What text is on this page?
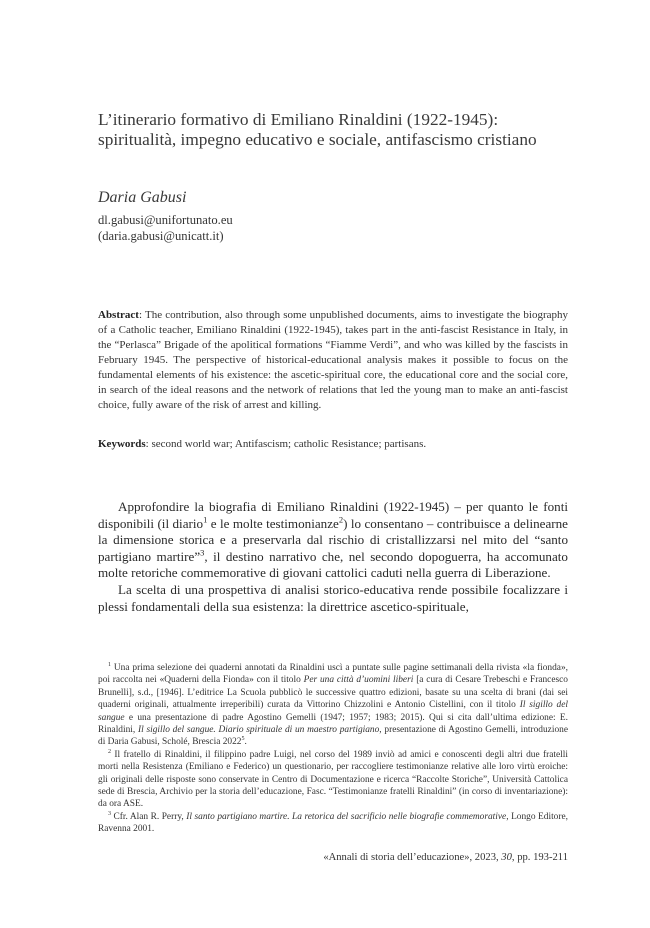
L’itinerario formativo di Emiliano Rinaldini (1922-1945):
spiritualità, impegno educativo e sociale, antifascismo cristiano
Daria Gabusi
dl.gabusi@unifortunato.eu
(daria.gabusi@unicatt.it)
Abstract: The contribution, also through some unpublished documents, aims to investigate the biography of a Catholic teacher, Emiliano Rinaldini (1922-1945), takes part in the anti-fascist Resistance in Italy, in the “Perlasca” Brigade of the apolitical formations “Fiamme Verdi”, and who was killed by the fascists in February 1945. The perspective of historical-educational analysis makes it possible to focus on the fundamental elements of his existence: the ascetic-spiritual core, the educational core and the social core, in search of the ideal reasons and the network of relations that led the young man to make an anti-fascist choice, fully aware of the risk of arrest and killing.
Keywords: second world war; Antifascism; catholic Resistance; partisans.

Approfondire la biografia di Emiliano Rinaldini (1922-1945) – per quanto le fonti disponibili (il diario$^1$ e le molte testimonianze$^2$) lo consentano – contribuisce a delinearne la dimensione storica e a preservarla dal rischio di cristallizzarsi nel mito del “santo partigiano martire”$^3$, il destino narrativo che, nel secondo dopoguerra, ha accomunato molte retoriche commemorative di giovani cattolici caduti nella guerra di Liberazione.

La scelta di una prospettiva di analisi storico-educativa rende possibile focalizzare i plessi fondamentali della sua esistenza: la direttrice ascetico-spirituale,

$^1$ Una prima selezione dei quaderni annotati da Rinaldini uscì a puntate sulle pagine settimanali della rivista «la fionda», poi raccolta nei «Quaderni della Fionda» con il titolo Per una città d’uomini liberi [a cura di Cesare Trebeschi e Francesco Brunelli], s.d., [1946]. L’editrice La Scuola pubblicò le successive quattro edizioni, basate su una scelta di brani (dai sei quaderni originali, attualmente irreperibili) curata da Vittorino Chizzolini e Antonio Cistellini, con il titolo Il sigillo del sangue e una presentazione di padre Agostino Gemelli (1947; 1957; 1983; 2015). Qui si cita dall’ultima edizione: E. Rinaldini, Il sigillo del sangue. Diario spirituale di un maestro partigiano, presentazione di Agostino Gemelli, introduzione di Daria Gabusi, Scholé, Brescia 2022$^5$.

$^2$ Il fratello di Rinaldini, il filippino padre Luigi, nel corso del 1989 inviò ad amici e conoscenti degli altri due fratelli morti nella Resistenza (Emiliano e Federico) un questionario, per raccogliere testimonianze relative alle loro virtù eroiche: gli originali delle risposte sono conservate in Centro di Documentazione e ricerca “Raccolte Storiche”, Università Cattolica sede di Brescia, Archivio per la storia dell’educazione, Fasc. “Testimonianze fratelli Rinaldini” (in corso di inventariazione): da ora ASE.

$^3$ Cfr. Alan R. Perry, Il santo partigiano martire. La retorica del sacrificio nelle biografie commemorative, Longo Editore, Ravenna 2001.

«Annali di storia dell’educazione», 2023, 30, pp. 193-211
